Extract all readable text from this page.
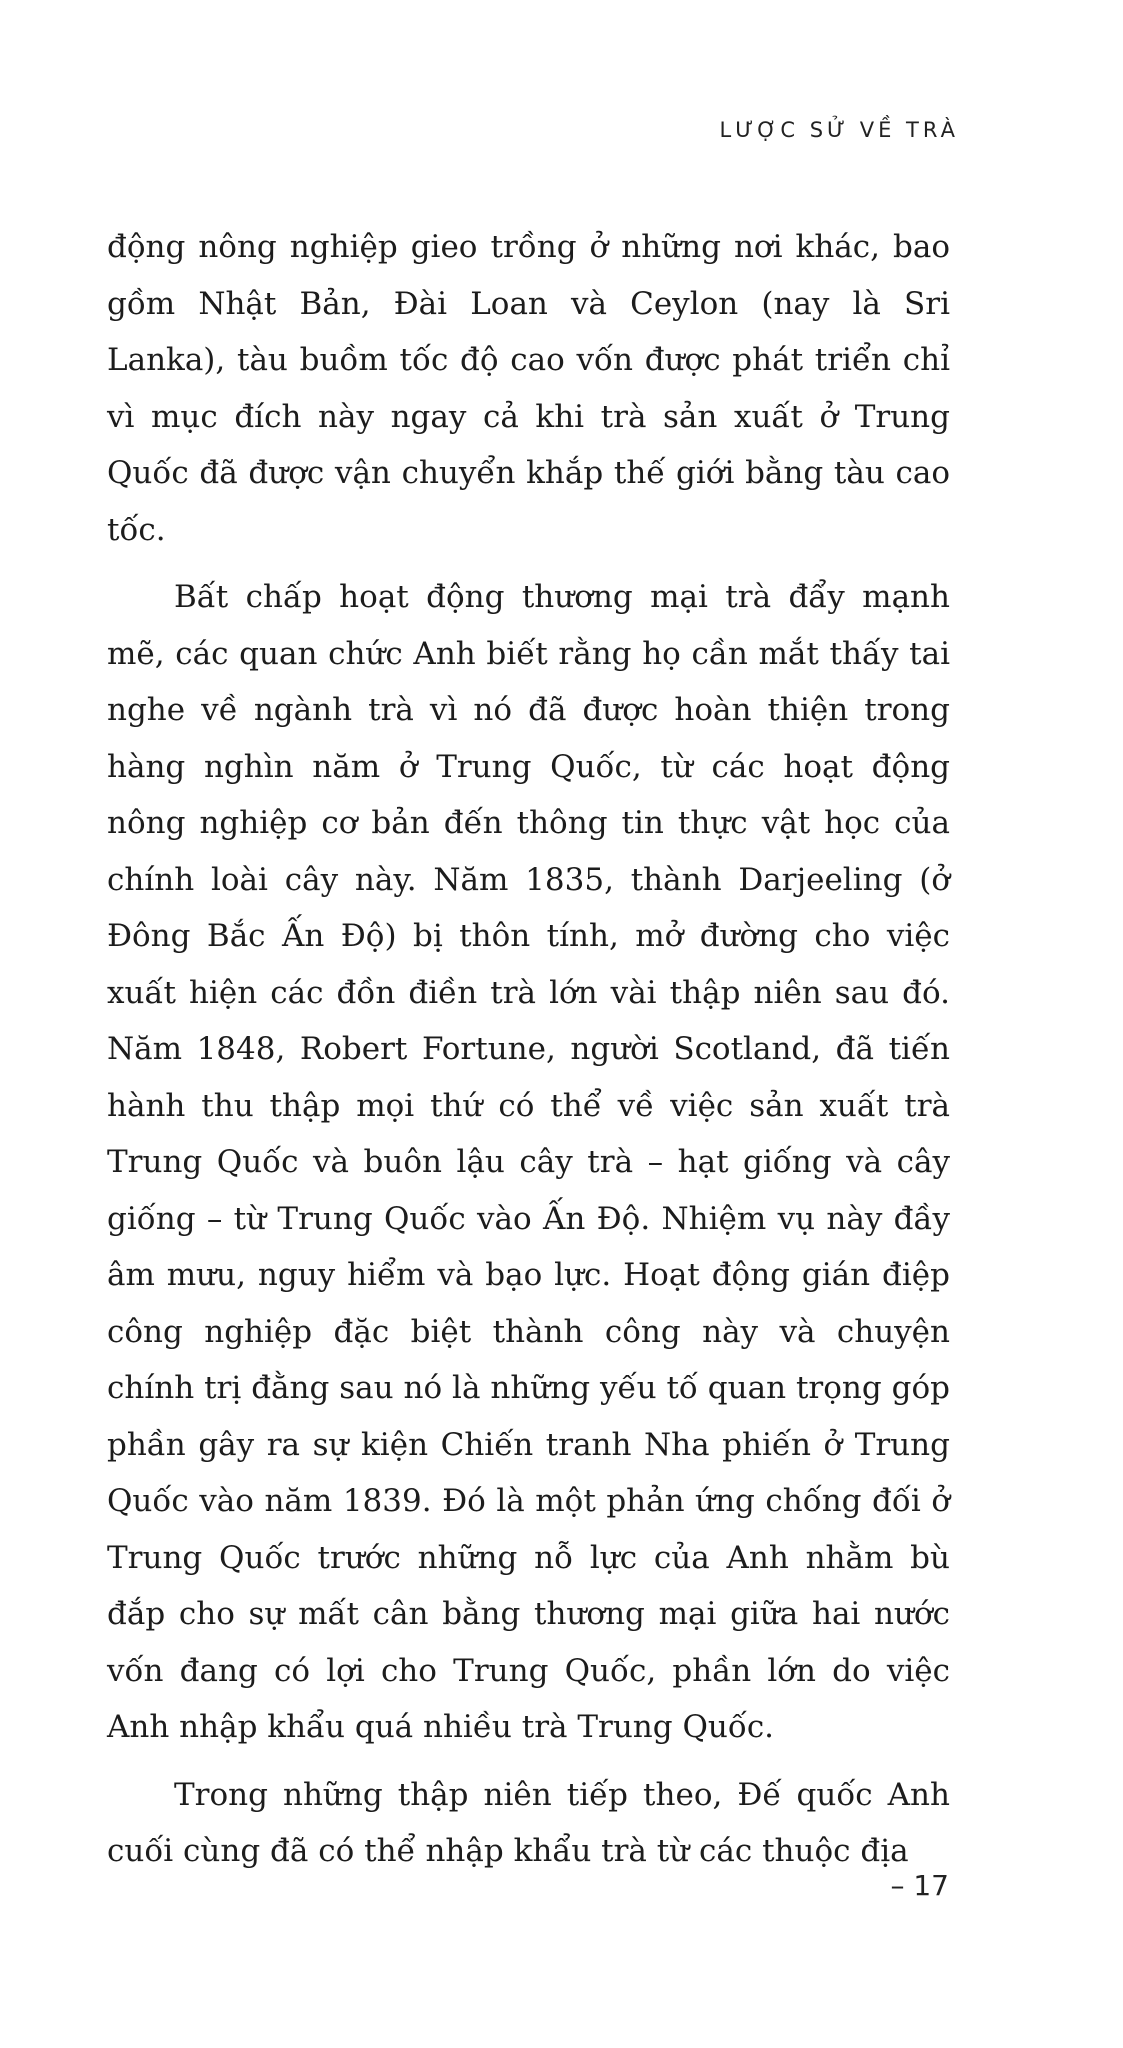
LƯỢC SỬ VỀ TRÀ

động nông nghiệp gieo trồng ở những nơi khác, bao gồm Nhật Bản, Đài Loan và Ceylon (nay là Sri Lanka), tàu buồm tốc độ cao vốn được phát triển chỉ vì mục đích này ngay cả khi trà sản xuất ở Trung Quốc đã được vận chuyển khắp thế giới bằng tàu cao tốc.

Bất chấp hoạt động thương mại trà đẩy mạnh mẽ, các quan chức Anh biết rằng họ cần mắt thấy tai nghe về ngành trà vì nó đã được hoàn thiện trong hàng nghìn năm ở Trung Quốc, từ các hoạt động nông nghiệp cơ bản đến thông tin thực vật học của chính loài cây này. Năm 1835, thành Darjeeling (ở Đông Bắc Ấn Độ) bị thôn tính, mở đường cho việc xuất hiện các đồn điền trà lớn vài thập niên sau đó. Năm 1848, Robert Fortune, người Scotland, đã tiến hành thu thập mọi thứ có thể về việc sản xuất trà Trung Quốc và buôn lậu cây trà – hạt giống và cây giống – từ Trung Quốc vào Ấn Độ. Nhiệm vụ này đầy âm mưu, nguy hiểm và bạo lực. Hoạt động gián điệp công nghiệp đặc biệt thành công này và chuyện chính trị đằng sau nó là những yếu tố quan trọng góp phần gây ra sự kiện Chiến tranh Nha phiến ở Trung Quốc vào năm 1839. Đó là một phản ứng chống đối ở Trung Quốc trước những nỗ lực của Anh nhằm bù đắp cho sự mất cân bằng thương mại giữa hai nước vốn đang có lợi cho Trung Quốc, phần lớn do việc Anh nhập khẩu quá nhiều trà Trung Quốc.

Trong những thập niên tiếp theo, Đế quốc Anh cuối cùng đã có thể nhập khẩu trà từ các thuộc địa

– 17
